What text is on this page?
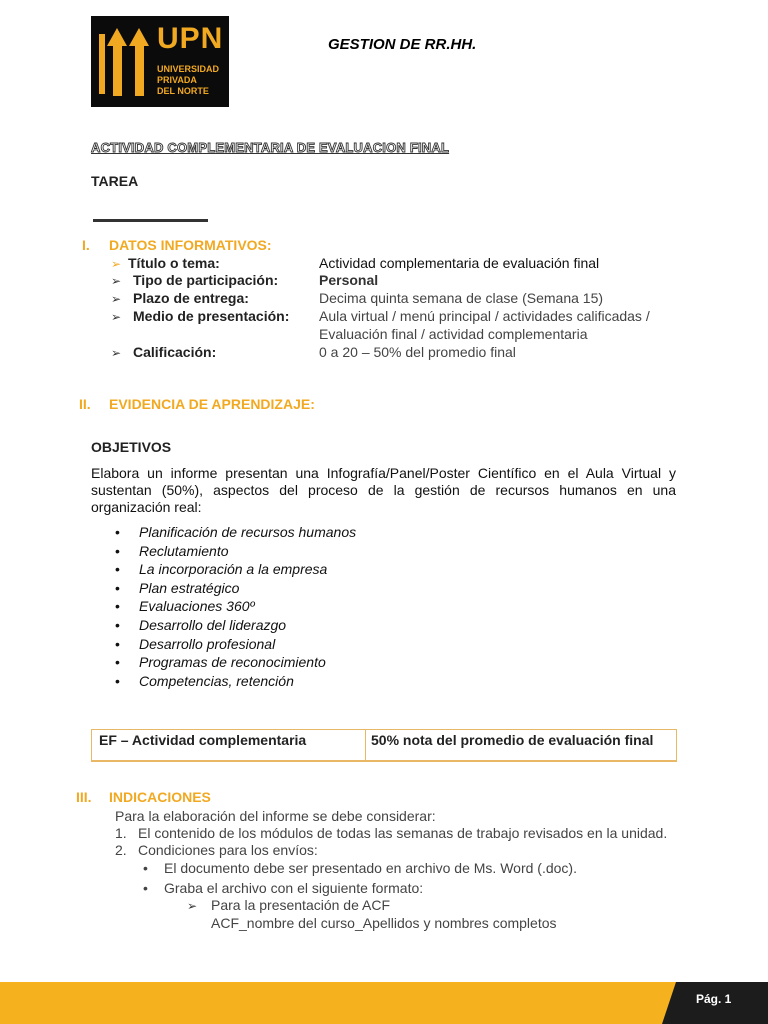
UPN
UNIVERSIDAD
PRIVADA
DEL NORTE
GESTION DE RR.HH.
ACTIVIDAD COMPLEMENTARIA DE EVALUACION FINAL
TAREA
I. DATOS INFORMATIVOS:
➢ Título o tema:	Actividad complementaria de evaluación final
➢ Tipo de participación:	Personal
➢ Plazo de entrega:	Decima quinta semana de clase (Semana 15)
➢ Medio de presentación: Aula virtual / menú principal / actividades calificadas /
Evaluación final / actividad complementaria
➢ Calificación:	0 a 20 – 50% del promedio final
II. EVIDENCIA DE APRENDIZAJE:
OBJETIVOS
Elabora un informe presentan una Infografía/Panel/Poster Científico en el Aula Virtual y sustentan (50%), aspectos del proceso de la gestión de recursos humanos en una organización real:
• Planificación de recursos humanos
• Reclutamiento
• La incorporación a la empresa
• Plan estratégico
• Evaluaciones 360º
• Desarrollo del liderazgo
• Desarrollo profesional
• Programas de reconocimiento
• Competencias, retención
EF – Actividad complementaria	50% nota del promedio de evaluación final
III. INDICACIONES
Para la elaboración del informe se debe considerar:
1. El contenido de los módulos de todas las semanas de trabajo revisados en la unidad.
2. Condiciones para los envíos:
• El documento debe ser presentado en archivo de Ms. Word (.doc).
• Graba el archivo con el siguiente formato:
➢ Para la presentación de ACF
ACF_nombre del curso_Apellidos y nombres completos
Pág. 1
